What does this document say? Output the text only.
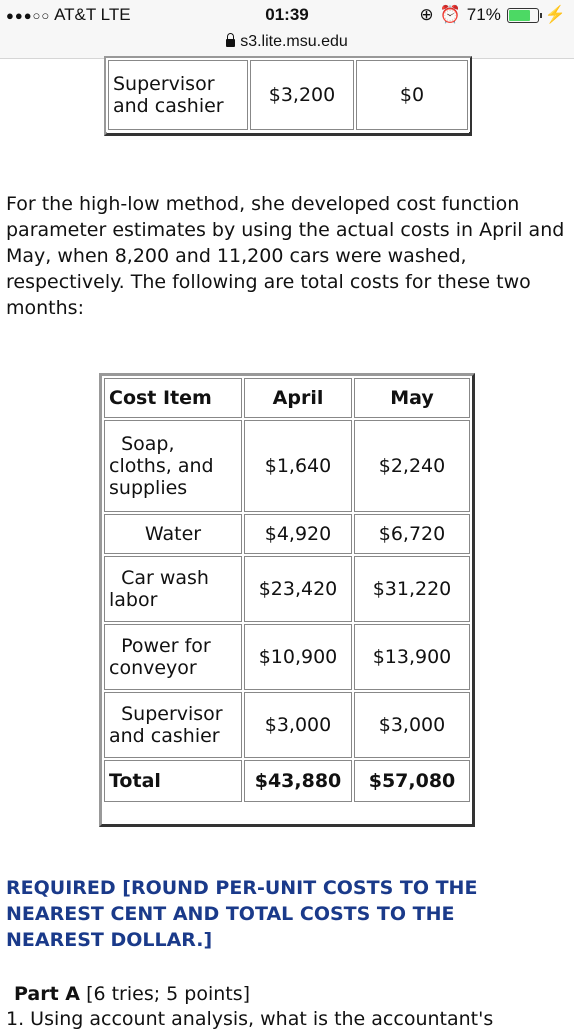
●●●○○ AT&T LTE	01:39	⊕ ⏰ 71%	⚡
s3.lite.msu.edu
Supervisor
and cashier	$3,200	$0
For the high-low method, she developed cost function parameter estimates by using the actual costs in April and May, when 8,200 and 11,200 cars were washed, respectively. The following are total costs for these two months:
Cost Item	April	May
Soap,
cloths, and
supplies	$1,640	$2,240
Water	$4,920	$6,720
Car wash
labor	$23,420	$31,220
Power for
conveyor	$10,900	$13,900
Supervisor
and cashier	$3,000	$3,000
Total	$43,880	$57,080
REQUIRED [ROUND PER-UNIT COSTS TO THE
NEAREST CENT AND TOTAL COSTS TO THE
NEAREST DOLLAR.]
Part A [6 tries; 5 points]
1. Using account analysis, what is the accountant's
